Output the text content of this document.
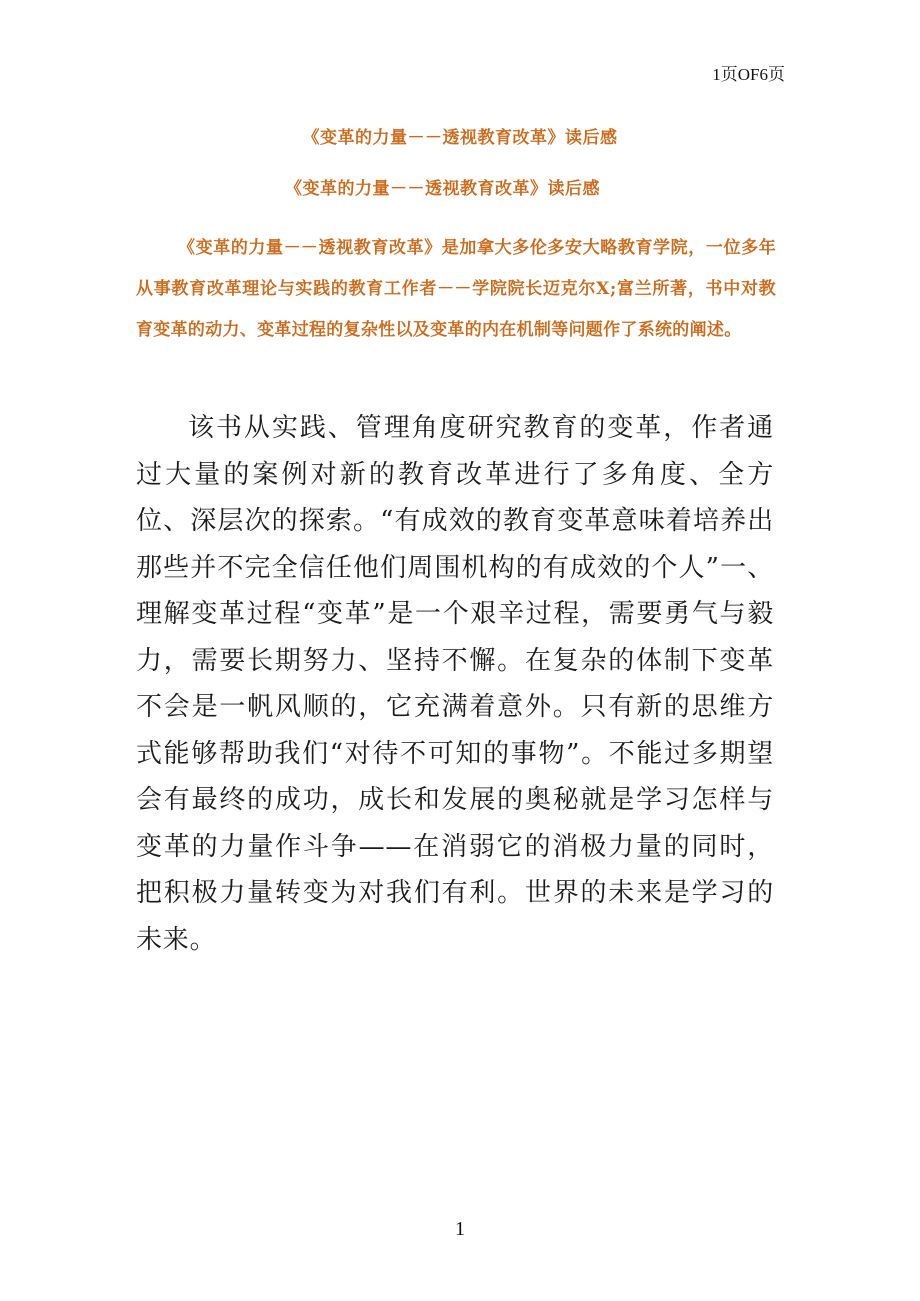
1页OF6页
《变革的力量－－透视教育改革》读后感
《变革的力量－－透视教育改革》读后感

《变革的力量－－透视教育改革》是加拿大多伦多安大略教育学院，一位多年从事教育改革理论与实践的教育工作者－－学院院长迈克尔Ⅹ;富兰所著，书中对教育变革的动力、变革过程的复杂性以及变革的内在机制等问题作了系统的阐述。

该书从实践、管理角度研究教育的变革，作者通过大量的案例对新的教育改革进行了多角度、全方位、深层次的探索。“有成效的教育变革意味着培养出那些并不完全信任他们周围机构的有成效的个人”一、理解变革过程“变革”是一个艰辛过程，需要勇气与毅力，需要长期努力、坚持不懈。在复杂的体制下变革不会是一帆风顺的，它充满着意外。只有新的思维方式能够帮助我们“对待不可知的事物”。不能过多期望会有最终的成功，成长和发展的奥秘就是学习怎样与变革的力量作斗争——在消弱它的消极力量的同时，把积极力量转变为对我们有利。世界的未来是学习的未来。

1
